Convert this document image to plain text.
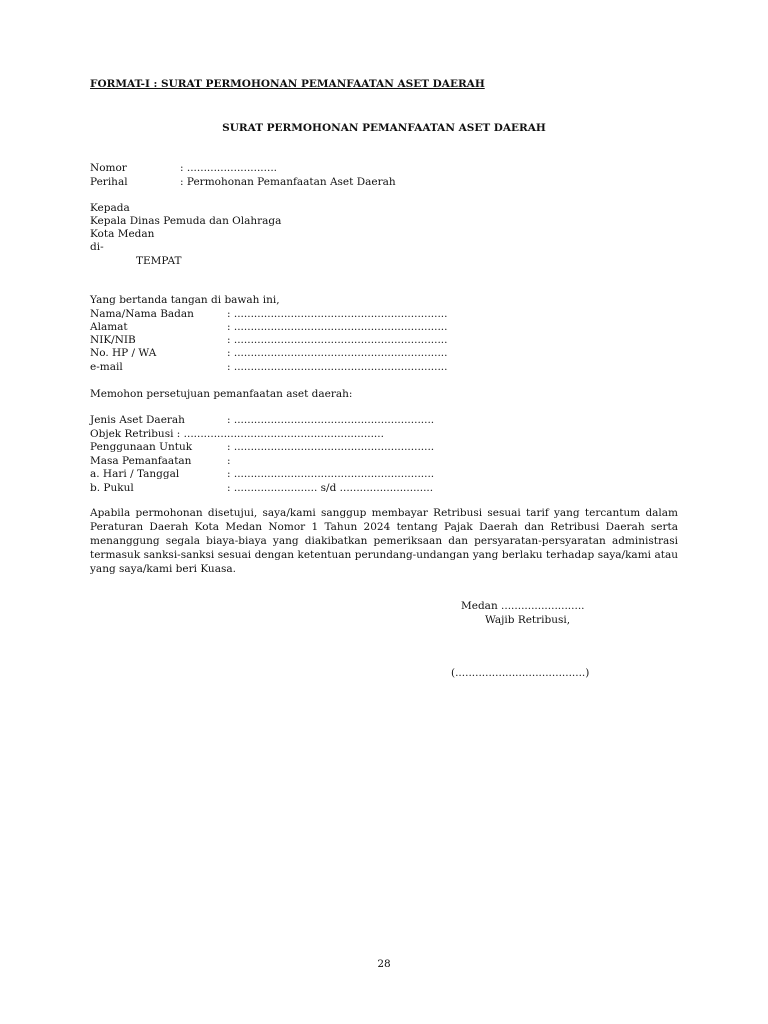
FORMAT-I : SURAT PERMOHONAN PEMANFAATAN ASET DAERAH
SURAT PERMOHONAN PEMANFAATAN ASET DAERAH
Nomor	: ...........................
Perihal	: Permohonan Pemanfaatan Aset Daerah
Kepada
Kepala Dinas Pemuda dan Olahraga
Kota Medan
di-
TEMPAT
Yang bertanda tangan di bawah ini,
Nama/Nama Badan	: ................................................................
Alamat	: ................................................................
NIK/NIB	: ................................................................
No. HP / WA	: ................................................................
e-mail	: ................................................................
Memohon persetujuan pemanfaatan aset daerah:
Jenis Aset Daerah	: ............................................................
Objek Retribusi : ............................................................
Penggunaan Untuk	: ............................................................
Masa Pemanfaatan	:
a. Hari / Tanggal	: ............................................................
b. Pukul	: ......................... s/d ............................
Apabila permohonan disetujui, saya/kami sanggup membayar Retribusi sesuai tarif yang tercantum dalam Peraturan Daerah Kota Medan Nomor 1 Tahun 2024 tentang Pajak Daerah dan Retribusi Daerah serta menanggung segala biaya-biaya yang diakibatkan pemeriksaan dan persyaratan-persyaratan administrasi termasuk sanksi-sanksi sesuai dengan ketentuan perundang-undangan yang berlaku terhadap saya/kami atau yang saya/kami beri Kuasa.
Medan .........................
Wajib Retribusi,
(.......................................)
28
